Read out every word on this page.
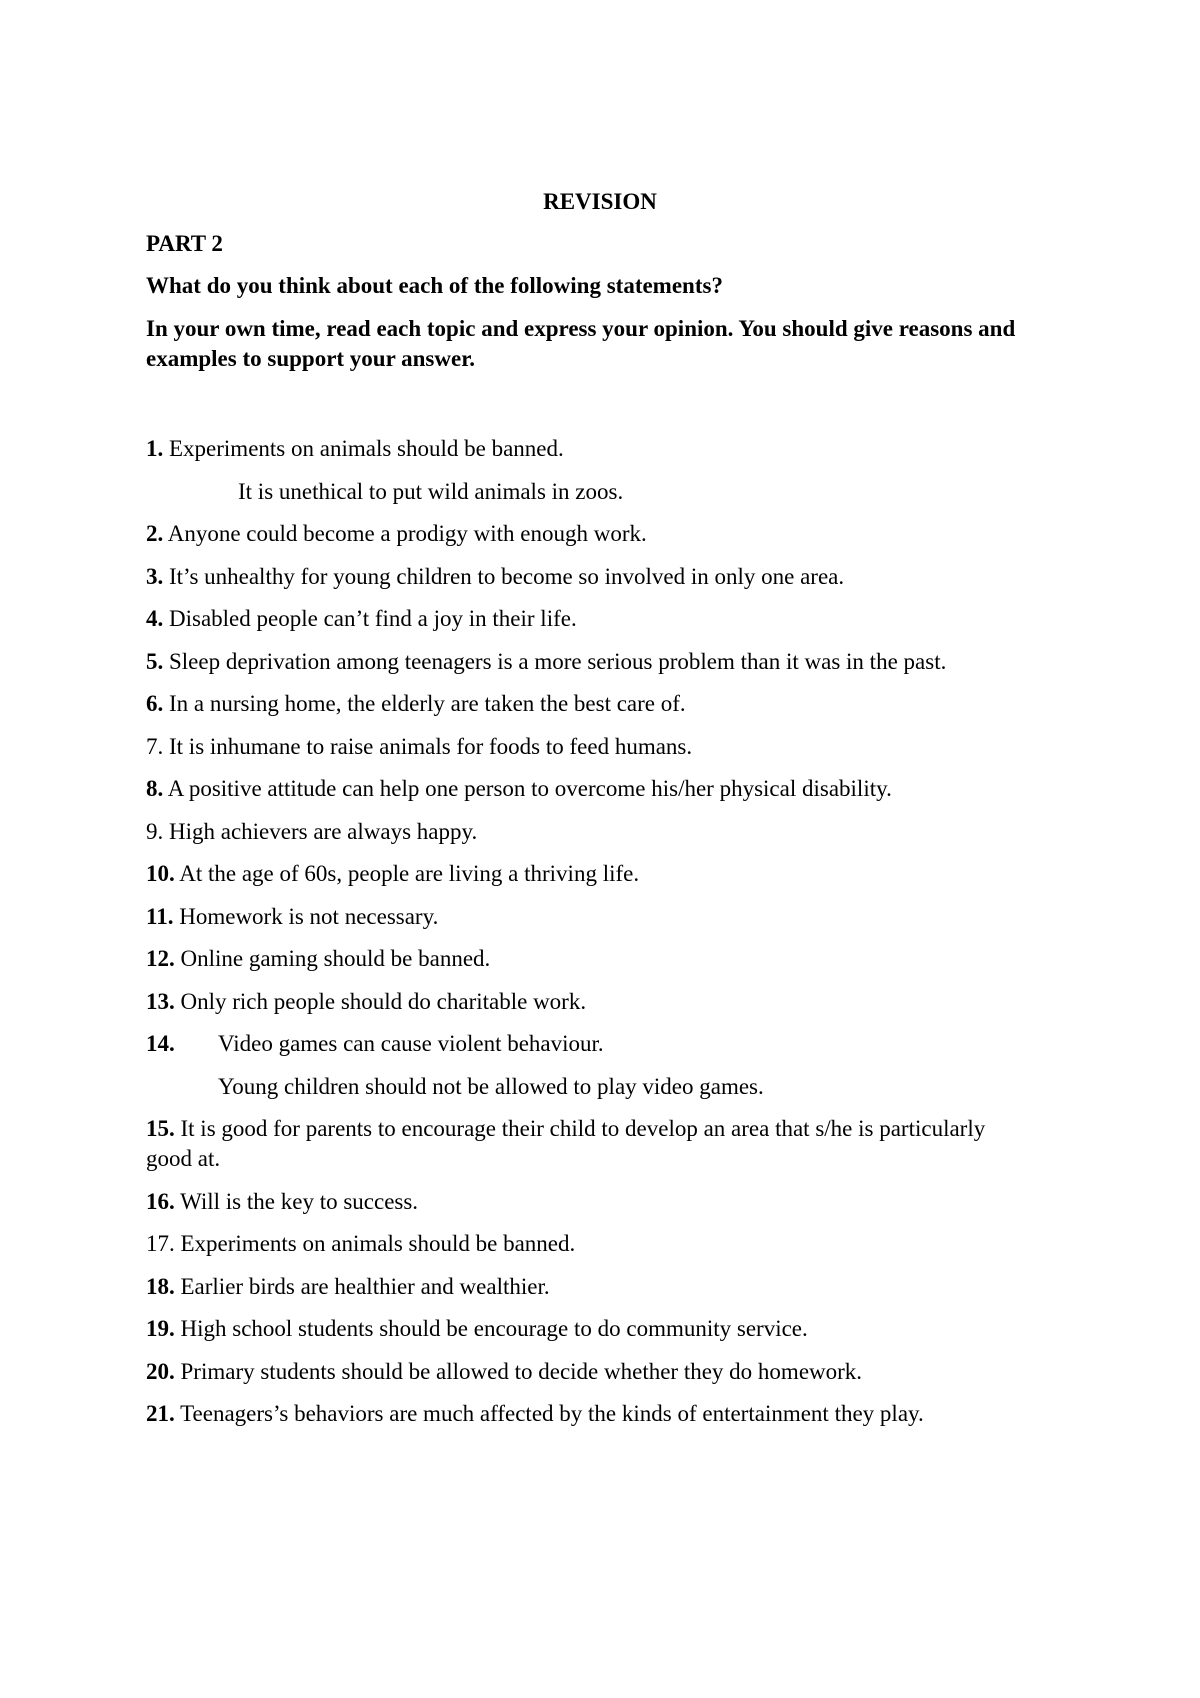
REVISION
PART 2
What do you think about each of the following statements?
In your own time, read each topic and express your opinion. You should give reasons and examples to support your answer.
1. Experiments on animals should be banned.
It is unethical to put wild animals in zoos.
2. Anyone could become a prodigy with enough work.
3. It’s unhealthy for young children to become so involved in only one area.
4. Disabled people can’t find a joy in their life.
5. Sleep deprivation among teenagers is a more serious problem than it was in the past.
6. In a nursing home, the elderly are taken the best care of.
7. It is inhumane to raise animals for foods to feed humans.
8. A positive attitude can help one person to overcome his/her physical disability.
9. High achievers are always happy.
10. At the age of 60s, people are living a thriving life.
11. Homework is not necessary.
12. Online gaming should be banned.
13. Only rich people should do charitable work.
14. Video games can cause violent behaviour.
Young children should not be allowed to play video games.
15. It is good for parents to encourage their child to develop an area that s/he is particularly good at.
16. Will is the key to success.
17. Experiments on animals should be banned.
18. Earlier birds are healthier and wealthier.
19. High school students should be encourage to do community service.
20. Primary students should be allowed to decide whether they do homework.
21. Teenagers’s behaviors are much affected by the kinds of entertainment they play.
